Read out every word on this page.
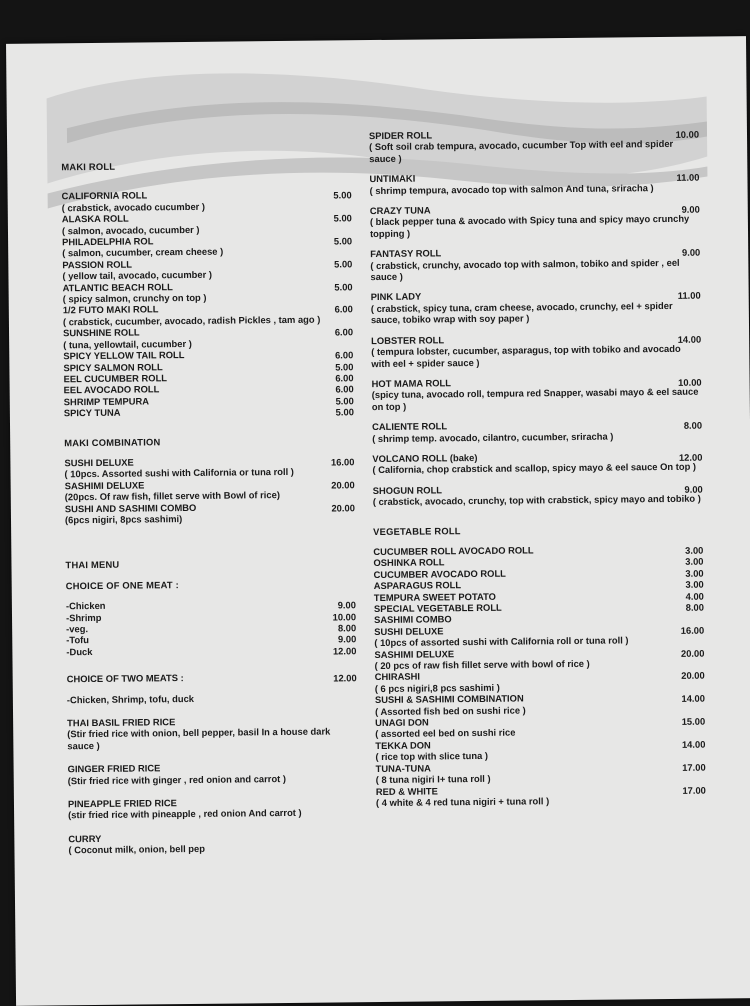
MAKI ROLL
CALIFORNIA ROLL	5.00
( crabstick, avocado cucumber )
ALASKA ROLL	5.00
( salmon, avocado, cucumber )
PHILADELPHIA ROL	5.00
( salmon, cucumber, cream cheese )
PASSION ROLL	5.00
( yellow tail, avocado, cucumber )
ATLANTIC BEACH ROLL	5.00
( spicy salmon, crunchy on top )
1/2 FUTO MAKI ROLL	6.00
( crabstick, cucumber, avocado, radish Pickles , tam ago )
SUNSHINE ROLL	6.00
( tuna, yellowtail, cucumber )
SPICY YELLOW TAIL ROLL	6.00
SPICY SALMON ROLL	5.00
EEL CUCUMBER ROLL	6.00
EEL AVOCADO ROLL	6.00
SHRIMP TEMPURA	5.00
SPICY TUNA	5.00
MAKI COMBINATION
SUSHI DELUXE	16.00
( 10pcs. Assorted sushi with California or tuna roll )
SASHIMI DELUXE	20.00
(20pcs. Of raw fish, fillet serve with Bowl of rice)
SUSHI AND SASHIMI COMBO	20.00
(6pcs nigiri, 8pcs sashimi)
THAI MENU
CHOICE OF ONE MEAT :
-Chicken	9.00
-Shrimp	10.00
-veg.	8.00
-Tofu	9.00
-Duck	12.00
CHOICE OF TWO MEATS :	12.00
-Chicken, Shrimp, tofu, duck
THAI BASIL FRIED RICE
(Stir fried rice with onion, bell pepper, basil In a house dark sauce )
GINGER FRIED RICE
(Stir fried rice with ginger , red onion and carrot )
PINEAPPLE FRIED RICE
(stir fried rice with pineapple , red onion And carrot )
CURRY
( Coconut milk, onion, bell pep
SPIDER ROLL	10.00
( Soft soil crab tempura, avocado, cucumber Top with eel and spider sauce )
UNTIMAKI	11.00
( shrimp tempura, avocado top with salmon And tuna, sriracha )
CRAZY TUNA	9.00
( black pepper tuna & avocado with Spicy tuna and spicy mayo crunchy topping )
FANTASY ROLL	9.00
( crabstick, crunchy, avocado top with salmon, tobiko and spider , eel sauce )
PINK LADY	11.00
( crabstick, spicy tuna, cram cheese, avocado, crunchy, eel + spider sauce, tobiko wrap with soy paper )
LOBSTER ROLL	14.00
( tempura lobster, cucumber, asparagus, top with tobiko and avocado with eel + spider sauce )
HOT MAMA ROLL	10.00
(spicy tuna, avocado roll, tempura red Snapper, wasabi mayo & eel sauce on top )
CALIENTE ROLL	8.00
( shrimp temp. avocado, cilantro, cucumber, sriracha )
VOLCANO ROLL (bake)	12.00
( California, chop crabstick and scallop, spicy mayo & eel sauce On top )
SHOGUN ROLL	9.00
( crabstick, avocado, crunchy, top with crabstick, spicy mayo and tobiko )
VEGETABLE ROLL
CUCUMBER ROLL AVOCADO ROLL	3.00
OSHINKA ROLL	3.00
CUCUMBER AVOCADO ROLL	3.00
ASPARAGUS ROLL	3.00
TEMPURA SWEET POTATO	4.00
SPECIAL VEGETABLE ROLL	8.00
SASHIMI COMBO
SUSHI DELUXE	16.00
( 10pcs of assorted sushi with California roll or tuna roll )
SASHIMI DELUXE	20.00
( 20 pcs of raw fish fillet serve with bowl of rice )
CHIRASHI	20.00
( 6 pcs nigiri,8 pcs sashimi )
SUSHI & SASHIMI COMBINATION	14.00
( Assorted fish bed on sushi rice )
UNAGI DON	15.00
( assorted eel bed on sushi rice
TEKKA DON	14.00
( rice top with slice tuna )
TUNA-TUNA	17.00
( 8 tuna nigiri I+ tuna roll )
RED & WHITE	17.00
( 4 white & 4 red tuna nigiri + tuna roll )
